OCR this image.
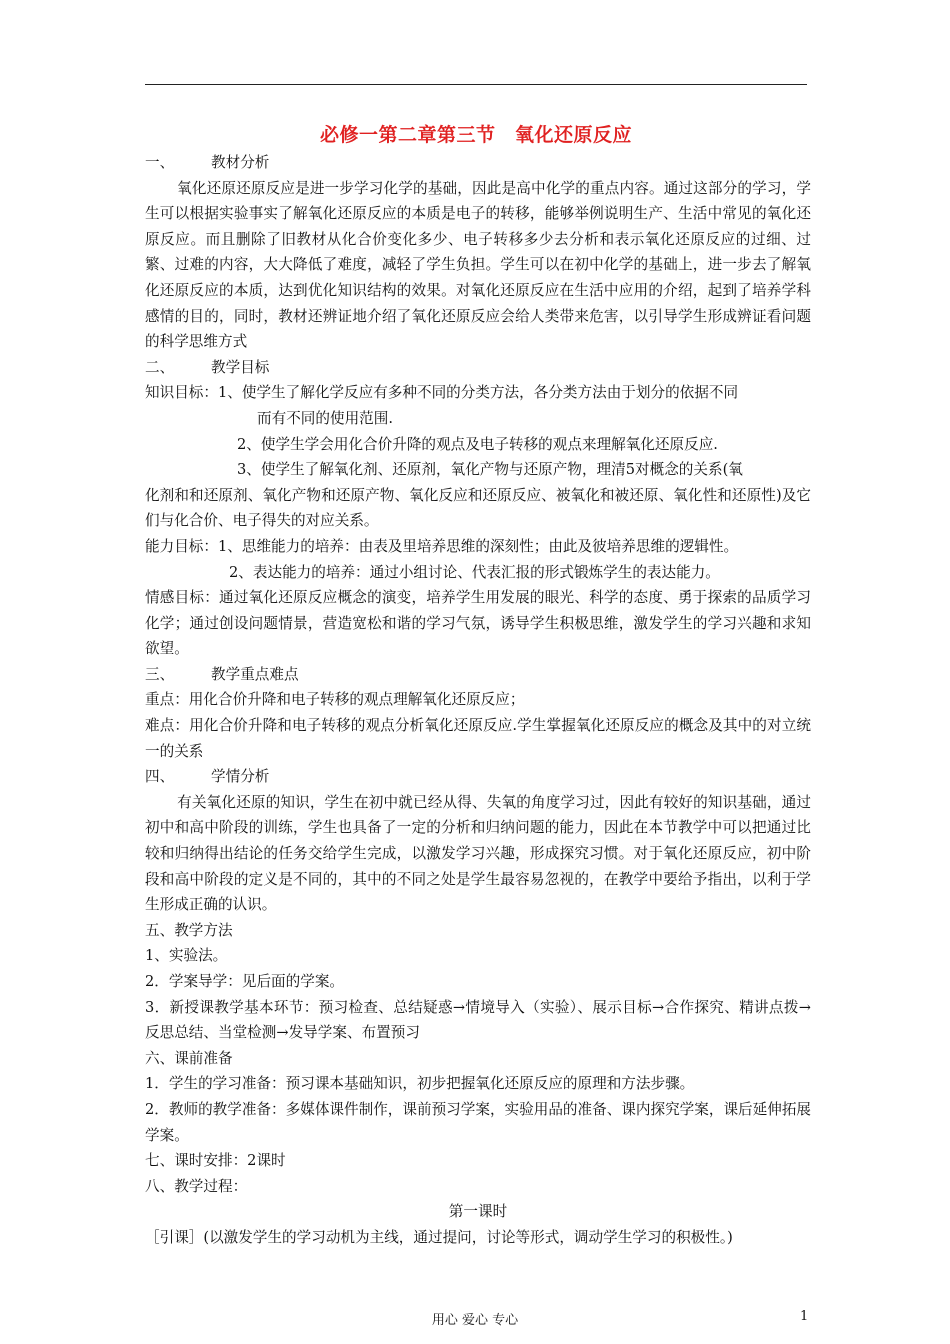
必修一第二章第三节　氧化还原反应

一、	教材分析

氧化还原还原反应是进一步学习化学的基础，因此是高中化学的重点内容。通过这部分的学习，学生可以根据实验事实了解氧化还原反应的本质是电子的转移，能够举例说明生产、生活中常见的氧化还原反应。而且删除了旧教材从化合价变化多少、电子转移多少去分析和表示氧化还原反应的过细、过繁、过难的内容，大大降低了难度，减轻了学生负担。学生可以在初中化学的基础上，进一步去了解氧化还原反应的本质，达到优化知识结构的效果。对氧化还原反应在生活中应用的介绍，起到了培养学科感情的目的，同时，教材还辨证地介绍了氧化还原反应会给人类带来危害，以引导学生形成辨证看问题的科学思维方式

二、	教学目标

知识目标：1、使学生了解化学反应有多种不同的分类方法，各分类方法由于划分的依据不同

而有不同的使用范围.

2、使学生学会用化合价升降的观点及电子转移的观点来理解氧化还原反应.

3、使学生了解氧化剂、还原剂，氧化产物与还原产物，理清5对概念的关系(氧

化剂和和还原剂、氧化产物和还原产物、氧化反应和还原反应、被氧化和被还原、氧化性和还原性)及它们与化合价、电子得失的对应关系。

能力目标：1、思维能力的培养：由表及里培养思维的深刻性；由此及彼培养思维的逻辑性。

2、表达能力的培养：通过小组讨论、代表汇报的形式锻炼学生的表达能力。

情感目标：通过氧化还原反应概念的演变，培养学生用发展的眼光、科学的态度、勇于探索的品质学习化学；通过创设问题情景，营造宽松和谐的学习气氛，诱导学生积极思维，激发学生的学习兴趣和求知欲望。

三、	教学重点难点

重点：用化合价升降和电子转移的观点理解氧化还原反应；

难点：用化合价升降和电子转移的观点分析氧化还原反应.学生掌握氧化还原反应的概念及其中的对立统一的关系

四、	学情分析

有关氧化还原的知识，学生在初中就已经从得、失氧的角度学习过，因此有较好的知识基础，通过初中和高中阶段的训练，学生也具备了一定的分析和归纳问题的能力，因此在本节教学中可以把通过比较和归纳得出结论的任务交给学生完成，以激发学习兴趣，形成探究习惯。对于氧化还原反应，初中阶段和高中阶段的定义是不同的，其中的不同之处是学生最容易忽视的，在教学中要给予指出，以利于学生形成正确的认识。

五、教学方法

1、实验法。

2．学案导学：见后面的学案。

3．新授课教学基本环节：预习检查、总结疑惑→情境导入（实验）、展示目标→合作探究、精讲点拨→反思总结、当堂检测→发导学案、布置预习

六、课前准备

1．学生的学习准备：预习课本基础知识，初步把握氧化还原反应的原理和方法步骤。

2．教师的教学准备：多媒体课件制作，课前预习学案，实验用品的准备、课内探究学案，课后延伸拓展学案。

七、课时安排：2课时

八、教学过程：

第一课时

［引课］(以激发学生的学习动机为主线，通过提问，讨论等形式，调动学生学习的积极性。)

用心 爱心 专心	1
